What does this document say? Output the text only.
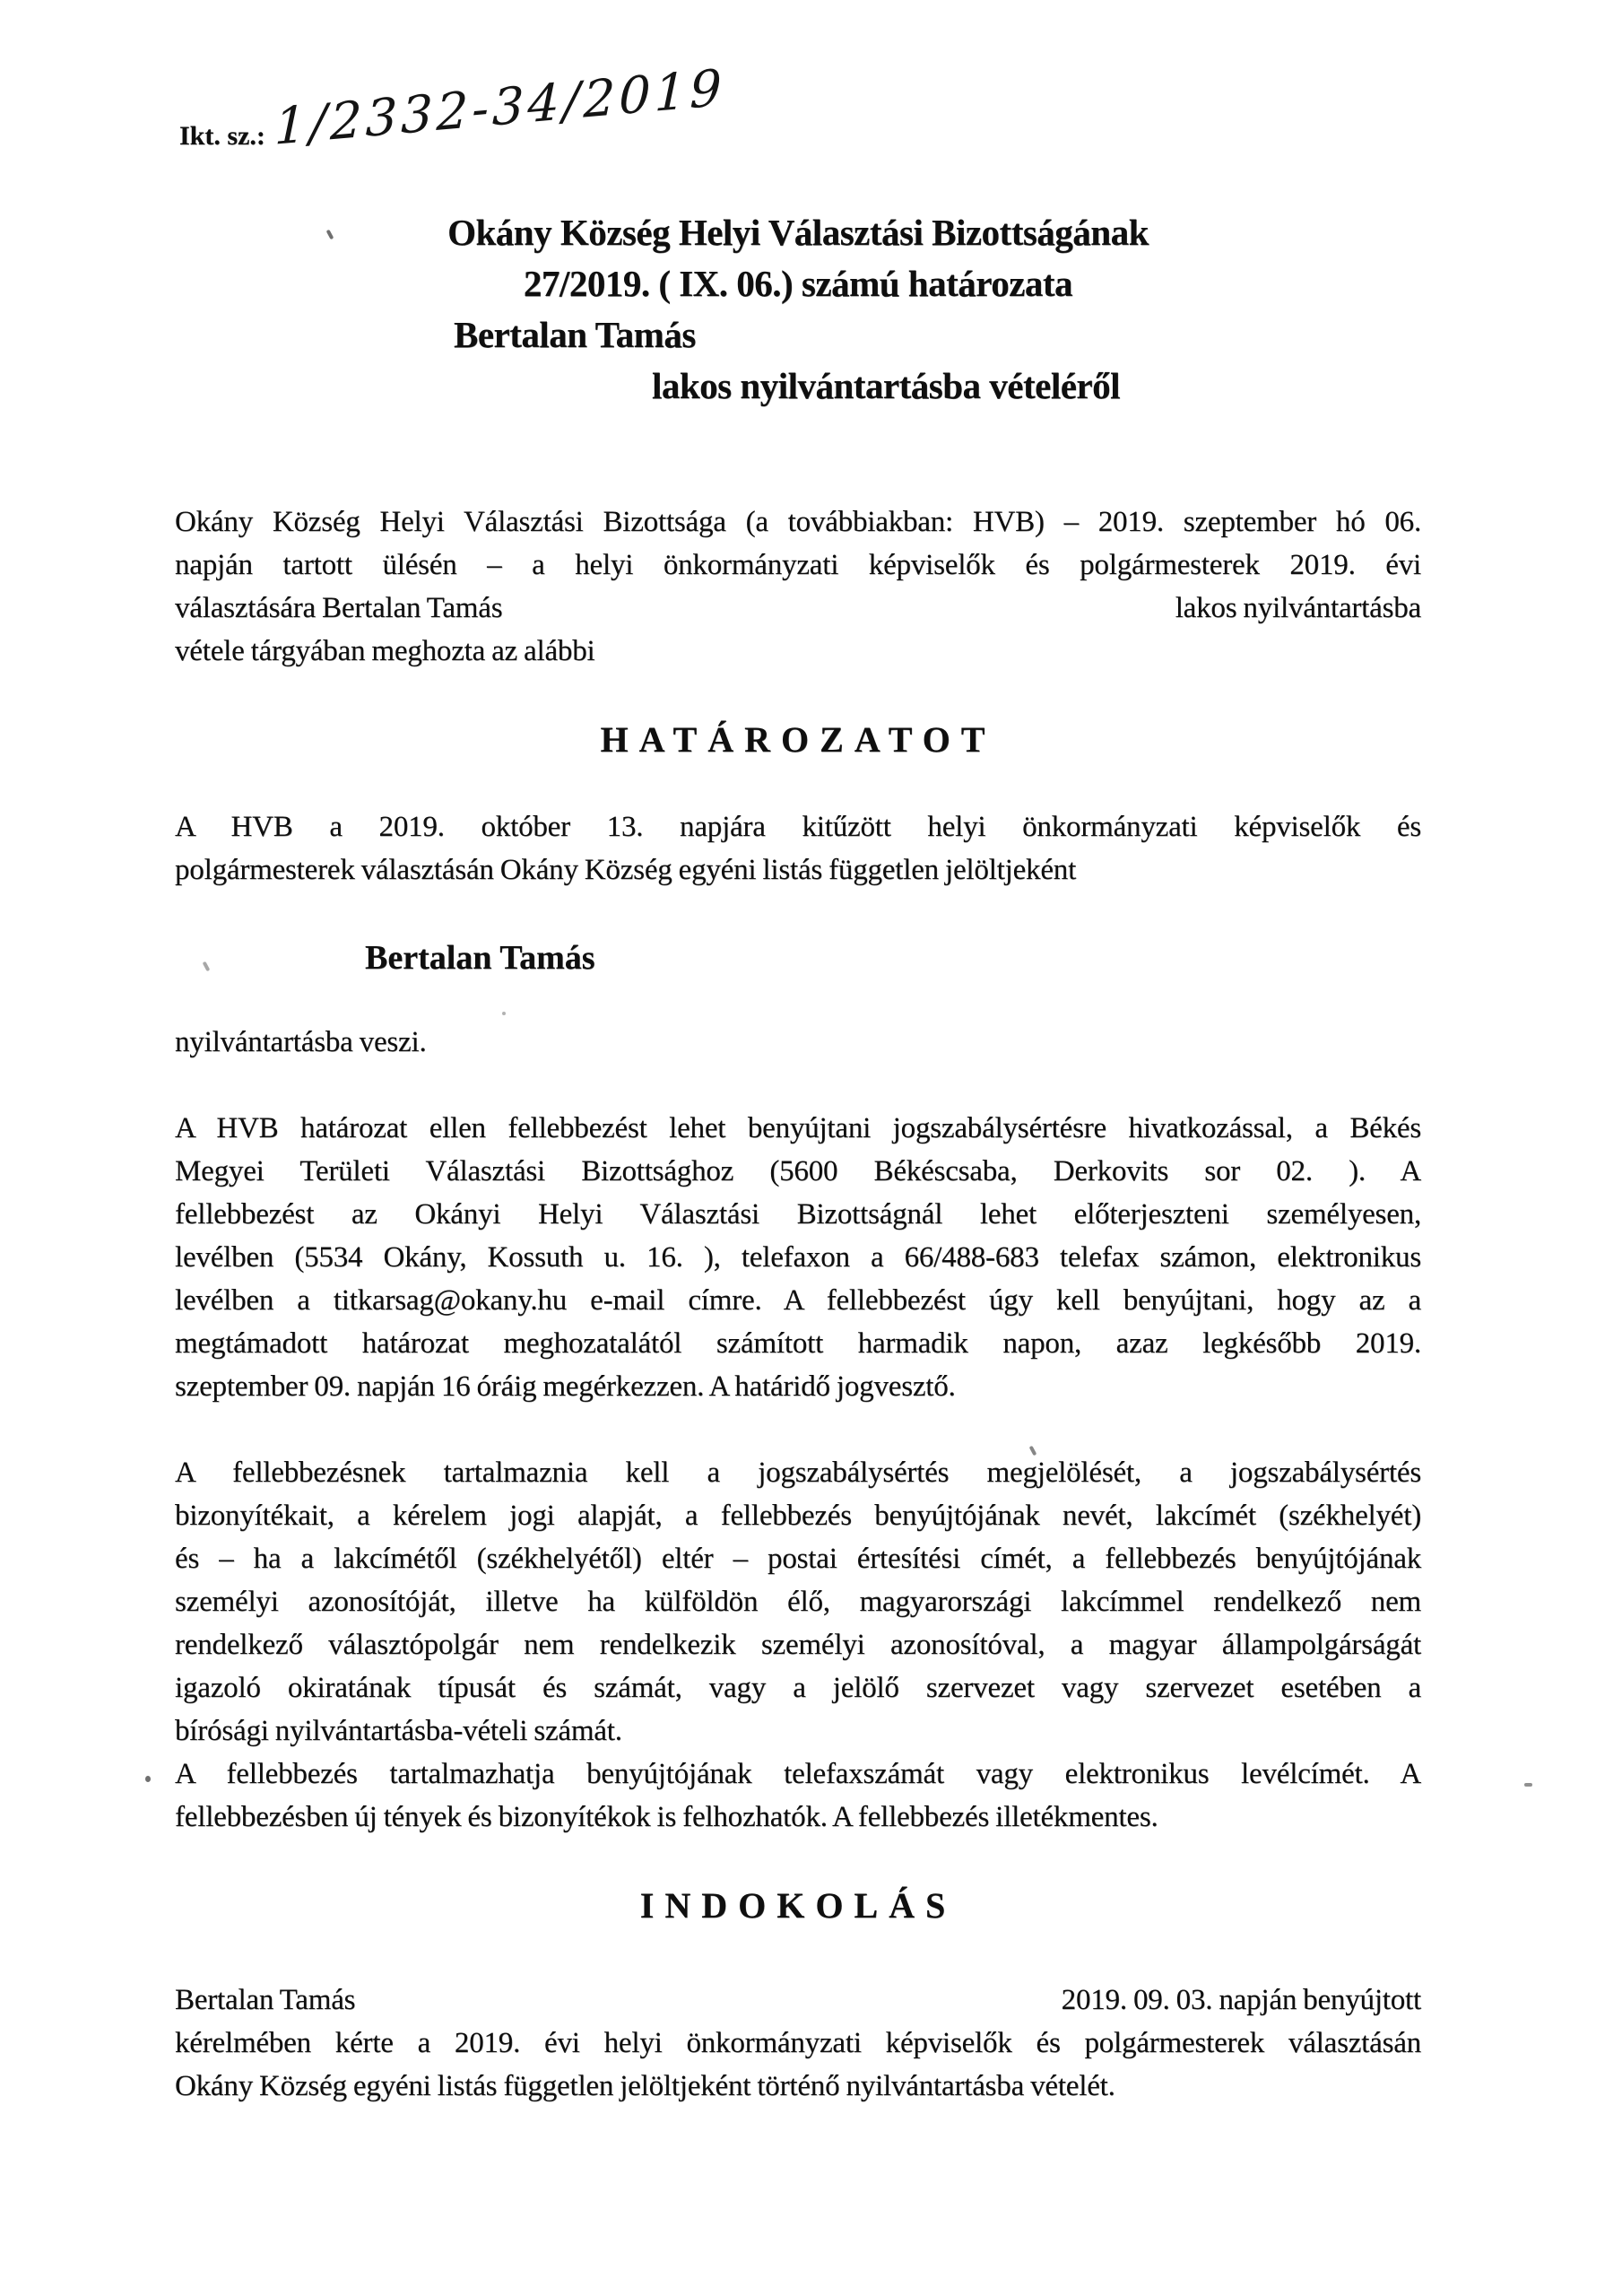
Ikt. sz.: 1/2332-34/2019
Okány Község Helyi Választási Bizottságának
27/2019. ( IX. 06.) számú határozata
Bertalan Tamás
lakos nyilvántartásba vételéről
Okány Község Helyi Választási Bizottsága (a továbbiakban: HVB) – 2019. szeptember hó 06.
napján tartott ülésén – a helyi önkormányzati képviselők és polgármesterek 2019. évi
választására Bertalan Tamás	lakos nyilvántartásba
vétele tárgyában meghozta az alábbi
HATÁROZATOT
A HVB a 2019. október 13. napjára kitűzött helyi önkormányzati képviselők és
polgármesterek választásán Okány Község egyéni listás független jelöltjeként
Bertalan Tamás
nyilvántartásba veszi.
A HVB határozat ellen fellebbezést lehet benyújtani jogszabálysértésre hivatkozással, a Békés
Megyei Területi Választási Bizottsághoz (5600 Békéscsaba, Derkovits sor 02. ). A
fellebbezést az Okányi Helyi Választási Bizottságnál lehet előterjeszteni személyesen,
levélben (5534 Okány, Kossuth u. 16. ), telefaxon a 66/488-683 telefax számon, elektronikus
levélben a titkarsag@okany.hu e-mail címre. A fellebbezést úgy kell benyújtani, hogy az a
megtámadott határozat meghozatalától számított harmadik napon, azaz legkésőbb 2019.
szeptember 09. napján 16 óráig megérkezzen. A határidő jogvesztő.
A fellebbezésnek tartalmaznia kell a jogszabálysértés megjelölését, a jogszabálysértés
bizonyítékait, a kérelem jogi alapját, a fellebbezés benyújtójának nevét, lakcímét (székhelyét)
és – ha a lakcímétől (székhelyétől) eltér – postai értesítési címét, a fellebbezés benyújtójának
személyi azonosítóját, illetve ha külföldön élő, magyarországi lakcímmel rendelkező nem
rendelkező választópolgár nem rendelkezik személyi azonosítóval, a magyar állampolgárságát
igazoló okiratának típusát és számát, vagy a jelölő szervezet vagy szervezet esetében a
bírósági nyilvántartásba-vételi számát.
A fellebbezés tartalmazhatja benyújtójának telefaxszámát vagy elektronikus levélcímét. A
fellebbezésben új tények és bizonyítékok is felhozhatók. A fellebbezés illetékmentes.
INDOKOLÁS
Bertalan Tamás	2019. 09. 03. napján benyújtott
kérelmében kérte a 2019. évi helyi önkormányzati képviselők és polgármesterek választásán
Okány Község egyéni listás független jelöltjeként történő nyilvántartásba vételét.
